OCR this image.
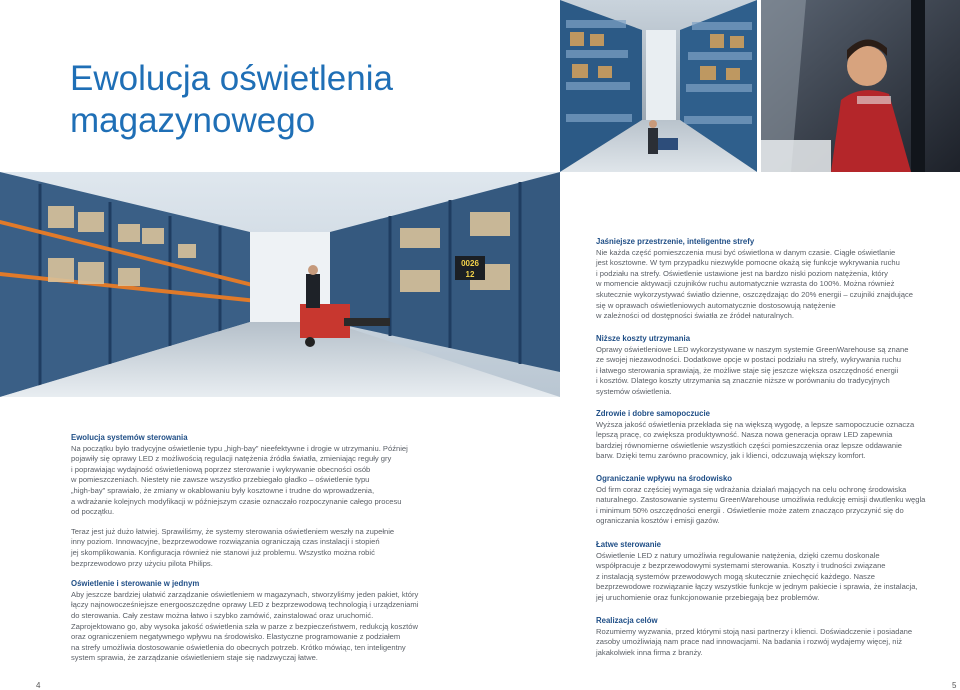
Ewolucja oświetlenia
magazynowego
0026
12
Ewolucja systemów sterowania

Na początku było tradycyjne oświetlenie typu „high-bay” nieefektywne i drogie w utrzymaniu. Później
pojawiły się oprawy LED z możliwością regulacji natężenia źródła światła, zmieniając reguły gry
i poprawiając wydajność oświetleniową poprzez sterowanie i wykrywanie obecności osób
w pomieszczeniach. Niestety nie zawsze wszystko przebiegało gładko – oświetlenie typu
„high-bay” sprawiało, że zmiany w okablowaniu były kosztowne i trudne do wprowadzenia,
a wdrażanie kolejnych modyfikacji w późniejszym czasie oznaczało rozpoczynanie całego procesu
od początku.

Teraz jest już dużo łatwiej. Sprawiliśmy, że systemy sterowania oświetleniem weszły na zupełnie
inny poziom. Innowacyjne, bezprzewodowe rozwiązania ograniczają czas instalacji i stopień
jej skomplikowania. Konfiguracja również nie stanowi już problemu. Wszystko można robić
bezprzewodowo przy użyciu pilota Philips.

Oświetlenie i sterowanie w jednym

Aby jeszcze bardziej ułatwić zarządzanie oświetleniem w magazynach, stworzyliśmy jeden pakiet, który
łączy najnowocześniejsze energooszczędne oprawy LED z bezprzewodową technologią i urządzeniami
do sterowania. Cały zestaw można łatwo i szybko zamówić, zainstalować oraz uruchomić.
Zaprojektowano go, aby wysoka jakość oświetlenia szła w parze z bezpieczeństwem, redukcją kosztów
oraz ograniczeniem negatywnego wpływu na środowisko. Elastyczne programowanie z podziałem
na strefy umożliwia dostosowanie oświetlenia do obecnych potrzeb. Krótko mówiąc, ten inteligentny
system sprawia, że zarządzanie oświetleniem staje się nadzwyczaj łatwe.

Jaśniejsze przestrzenie, inteligentne strefy
Nie każda część pomieszczenia musi być oświetlona w danym czasie. Ciągłe oświetlanie
jest kosztowne. W tym przypadku niezwykle pomocne okażą się funkcje wykrywania ruchu
i podziału na strefy. Oświetlenie ustawione jest na bardzo niski poziom natężenia, który
w momencie aktywacji czujników ruchu automatycznie wzrasta do 100%. Można również
skutecznie wykorzystywać światło dzienne, oszczędzając do 20% energii – czujniki znajdujące
się w oprawach oświetleniowych automatycznie dostosowują natężenie
w zależności od dostępności światła ze źródeł naturalnych.
Niższe koszty utrzymania
Oprawy oświetleniowe LED wykorzystywane w naszym systemie GreenWarehouse są znane
ze swojej niezawodności. Dodatkowe opcje w postaci podziału na strefy, wykrywania ruchu
i łatwego sterowania sprawiają, że możliwe staje się jeszcze większa oszczędność energii
i kosztów. Dlatego koszty utrzymania są znacznie niższe w porównaniu do tradycyjnych
systemów oświetlenia.
Zdrowie i dobre samopoczucie
Wyższa jakość oświetlenia przekłada się na większą wygodę, a lepsze samopoczucie oznacza
lepszą pracę, co zwiększa produktywność. Nasza nowa generacja opraw LED zapewnia
bardziej równomierne oświetlenie wszystkich części pomieszczenia oraz lepsze oddawanie
barw. Dzięki temu zarówno pracownicy, jak i klienci, odczuwają większy komfort.
Ograniczanie wpływu na środowisko
Od firm coraz częściej wymaga się wdrażania działań mających na celu ochronę środowiska
naturalnego. Zastosowanie systemu GreenWarehouse umożliwia redukcję emisji dwutlenku węgla
i minimum 50% oszczędności energii . Oświetlenie może zatem znacząco przyczynić się do
ograniczania kosztów i emisji gazów.
Łatwe sterowanie
Oświetlenie LED z natury umożliwia regulowanie natężenia, dzięki czemu doskonale
współpracuje z bezprzewodowymi systemami sterowania. Koszty i trudności związane
z instalacją systemów przewodowych mogą skutecznie zniechęcić każdego. Nasze
bezprzewodowe rozwiązanie łączy wszystkie funkcje w jednym pakiecie i sprawia, że instalacja,
jej uruchomienie oraz funkcjonowanie przebiegają bez problemów.
Realizacja celów
Rozumiemy wyzwania, przed którymi stoją nasi partnerzy i klienci. Doświadczenie i posiadane
zasoby umożliwiają nam prace nad innowacjami. Na badania i rozwój wydajemy więcej, niż
jakakolwiek inna firma z branży.
4	5
